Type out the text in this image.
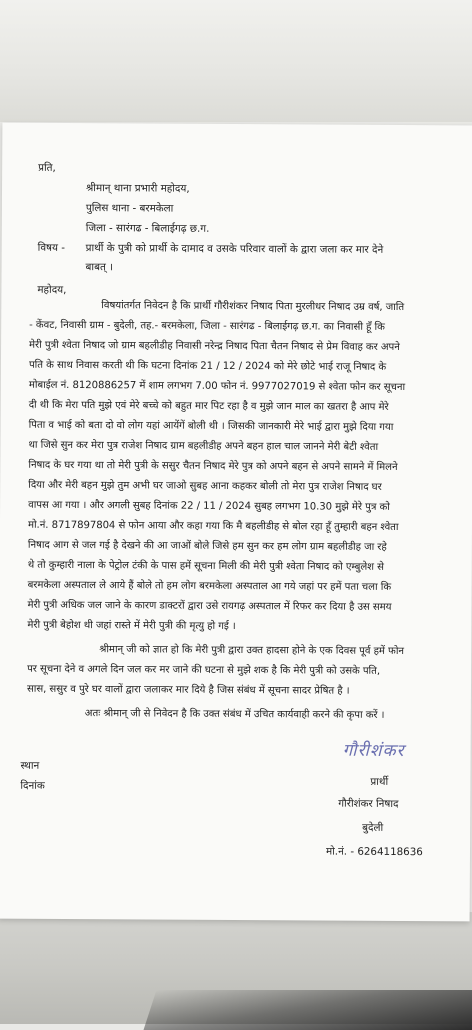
प्रति,
श्रीमान् थाना प्रभारी महोदय,
पुलिस थाना - बरमकेला
जिला - सारंगढ - बिलाईगढ़ छ.ग.
विषय - प्रार्थी के पुत्री को प्रार्थी के दामाद व उसके परिवार वालों के द्वारा जला कर मार देने
बाबत् ।
महोदय,
विषयांतर्गत निवेदन है कि प्रार्थी गौरीशंकर निषाद पिता मुरलीधर निषाद उम्र वर्ष, जाति
- केंवट, निवासी ग्राम - बुदेली, तह.- बरमकेला, जिला - सारंगढ - बिलाईगढ़ छ.ग. का निवासी हूँ कि
मेरी पुत्री श्वेता निषाद जो ग्राम बहलीडीह निवासी नरेन्द्र निषाद पिता चैतन निषाद से प्रेम विवाह कर अपने
पति के साथ निवास करती थी कि घटना दिनांक 21 / 12 / 2024 को मेरे छोटे भाई राजू निषाद के
मोबाईल नं. 8120886257 में शाम लगभग 7.00 फोन नं. 9977027019 से श्वेता फोन कर सूचना
दी थी कि मेरा पति मुझे एवं मेरे बच्चे को बहुत मार पिट रहा है व मुझे जान माल का खतरा है आप मेरे
पिता व भाई को बता दो वो लोग यहां आयेंगें बोली थी । जिसकी जानकारी मेरे भाई द्वारा मुझे दिया गया
था जिसे सुन कर मेरा पुत्र राजेश निषाद ग्राम बहलीडीह अपने बहन हाल चाल जानने मेरी बेटी श्वेता
निषाद के घर गया था तो मेरी पुत्री के ससुर चैतन निषाद मेरे पुत्र को अपने बहन से अपने सामने में मिलने
दिया और मेरी बहन मुझे तुम अभी घर जाओ सुबह आना कहकर बोली तो मेरा पुत्र राजेश निषाद घर
वापस आ गया । और अगली सुबह दिनांक 22 / 11 / 2024 सुबह लगभग 10.30 मुझे मेरे पुत्र को
मो.नं. 8717897804 से फोन आया और कहा गया कि मै बहलीडीह से बोल रहा हूँ तुम्हारी बहन श्वेता
निषाद आग से जल गई है देखने की आ जाओं बोले जिसे हम सुन कर हम लोग ग्राम बहलीडीह जा रहे
थे तो कुम्हारी नाला के पेट्रोल टंकी के पास हमें सूचना मिली की मेरी पुत्री श्वेता निषाद को एम्बुलेश से
बरमकेला अस्पताल ले आये हैं बोले तो हम लोग बरमकेला अस्पताल आ गये जहां पर हमें पता चला कि
मेरी पुत्री अधिक जल जाने के कारण डाक्टरों द्वारा उसे रायगढ़ अस्पताल में रिफर कर दिया है उस समय
मेरी पुत्री बेहोश थी जहां रास्ते में मेरी पुत्री की मृत्यु हो गई ।
श्रीमान् जी को ज्ञात हो कि मेरी पुत्री द्वारा उक्त हादसा होने के एक दिवस पूर्व हमें फोन
पर सूचना देने व अगले दिन जल कर मर जाने की घटना से मुझे शक है कि मेरी पुत्री को उसके पति,
सास, ससुर व पुरे घर वालों द्वारा जलाकर मार दिये है जिस संबंध में सूचना सादर प्रेषित है ।
अतः श्रीमान् जी से निवेदन है कि उक्त संबंध में उचित कार्यवाही करने की कृपा करें ।
गौरीशंकर
स्थान
दिनांक	प्रार्थी
गौरीशंकर निषाद
बुदेली
मो.नं. - 6264118636
